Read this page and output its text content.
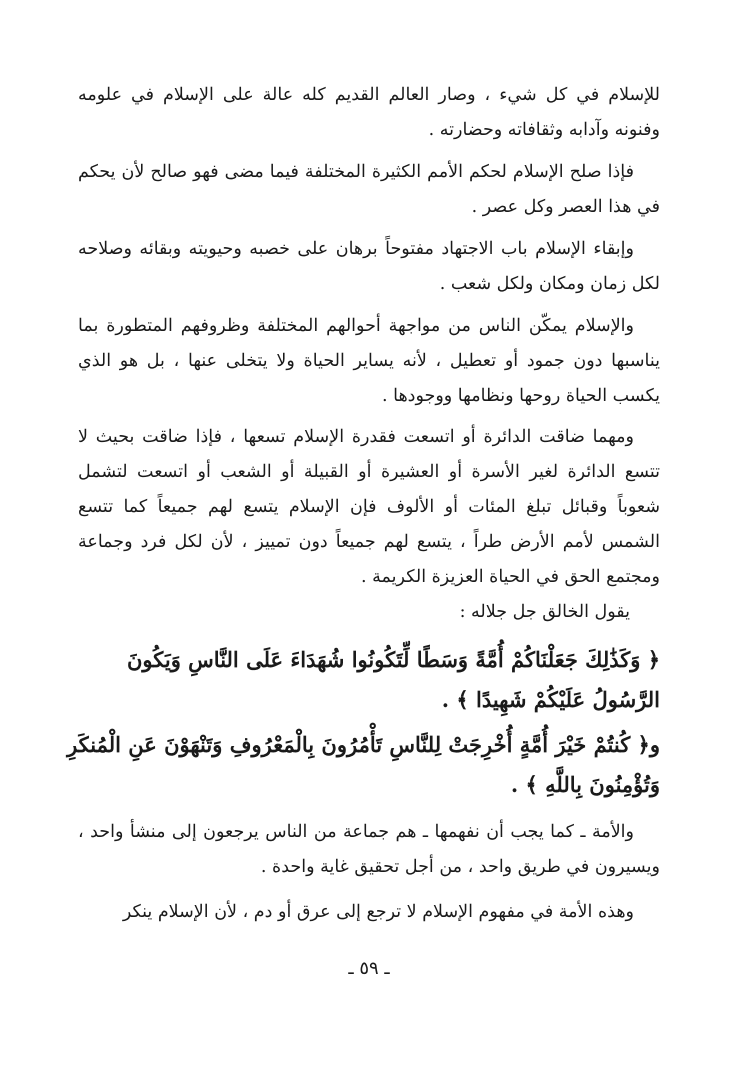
للإسلام في كل شيء ، وصار العالم القديم كله عالة على الإسلام في علومه وفنونه وآدابه وثقافاته وحضارته .

فإذا صلح الإسلام لحكم الأمم الكثيرة المختلفة فيما مضى فهو صالح لأن يحكم في هذا العصر وكل عصر .

وإبقاء الإسلام باب الاجتهاد مفتوحاً برهان على خصبه وحيويته وبقائه وصلاحه لكل زمان ومكان ولكل شعب .

والإسلام يمكّن الناس من مواجهة أحوالهم المختلفة وظروفهم المتطورة بما يناسبها دون جمود أو تعطيل ، لأنه يساير الحياة ولا يتخلى عنها ، بل هو الذي يكسب الحياة روحها ونظامها ووجودها .

ومهما ضاقت الدائرة أو اتسعت فقدرة الإسلام تسعها ، فإذا ضاقت بحيث لا تتسع الدائرة لغير الأسرة أو العشيرة أو القبيلة أو الشعب أو اتسعت لتشمل شعوباً وقبائل تبلغ المئات أو الألوف فإن الإسلام يتسع لهم جميعاً كما تتسع الشمس لأمم الأرض طراً ، يتسع لهم جميعاً دون تمييز ، لأن لكل فرد وجماعة ومجتمع الحق في الحياة العزيزة الكريمة .

يقول الخالق جل جلاله :

﴿ وَكَذَٰلِكَ جَعَلْنَاكُمْ أُمَّةً وَسَطًا لِّتَكُونُوا شُهَدَاءَ عَلَى النَّاسِ وَيَكُونَ الرَّسُولُ عَلَيْكُمْ شَهِيدًا ﴾ .

و﴿ كُنتُمْ خَيْرَ أُمَّةٍ أُخْرِجَتْ لِلنَّاسِ تَأْمُرُونَ بِالْمَعْرُوفِ وَتَنْهَوْنَ عَنِ الْمُنكَرِ وَتُؤْمِنُونَ بِاللَّهِ ﴾ .

والأمة ـ كما يجب أن نفهمها ـ هم جماعة من الناس يرجعون إلى منشأ واحد ، ويسيرون في طريق واحد ، من أجل تحقيق غاية واحدة .

وهذه الأمة في مفهوم الإسلام لا ترجع إلى عرق أو دم ، لأن الإسلام ينكر

ـ ٥٩ ـ
